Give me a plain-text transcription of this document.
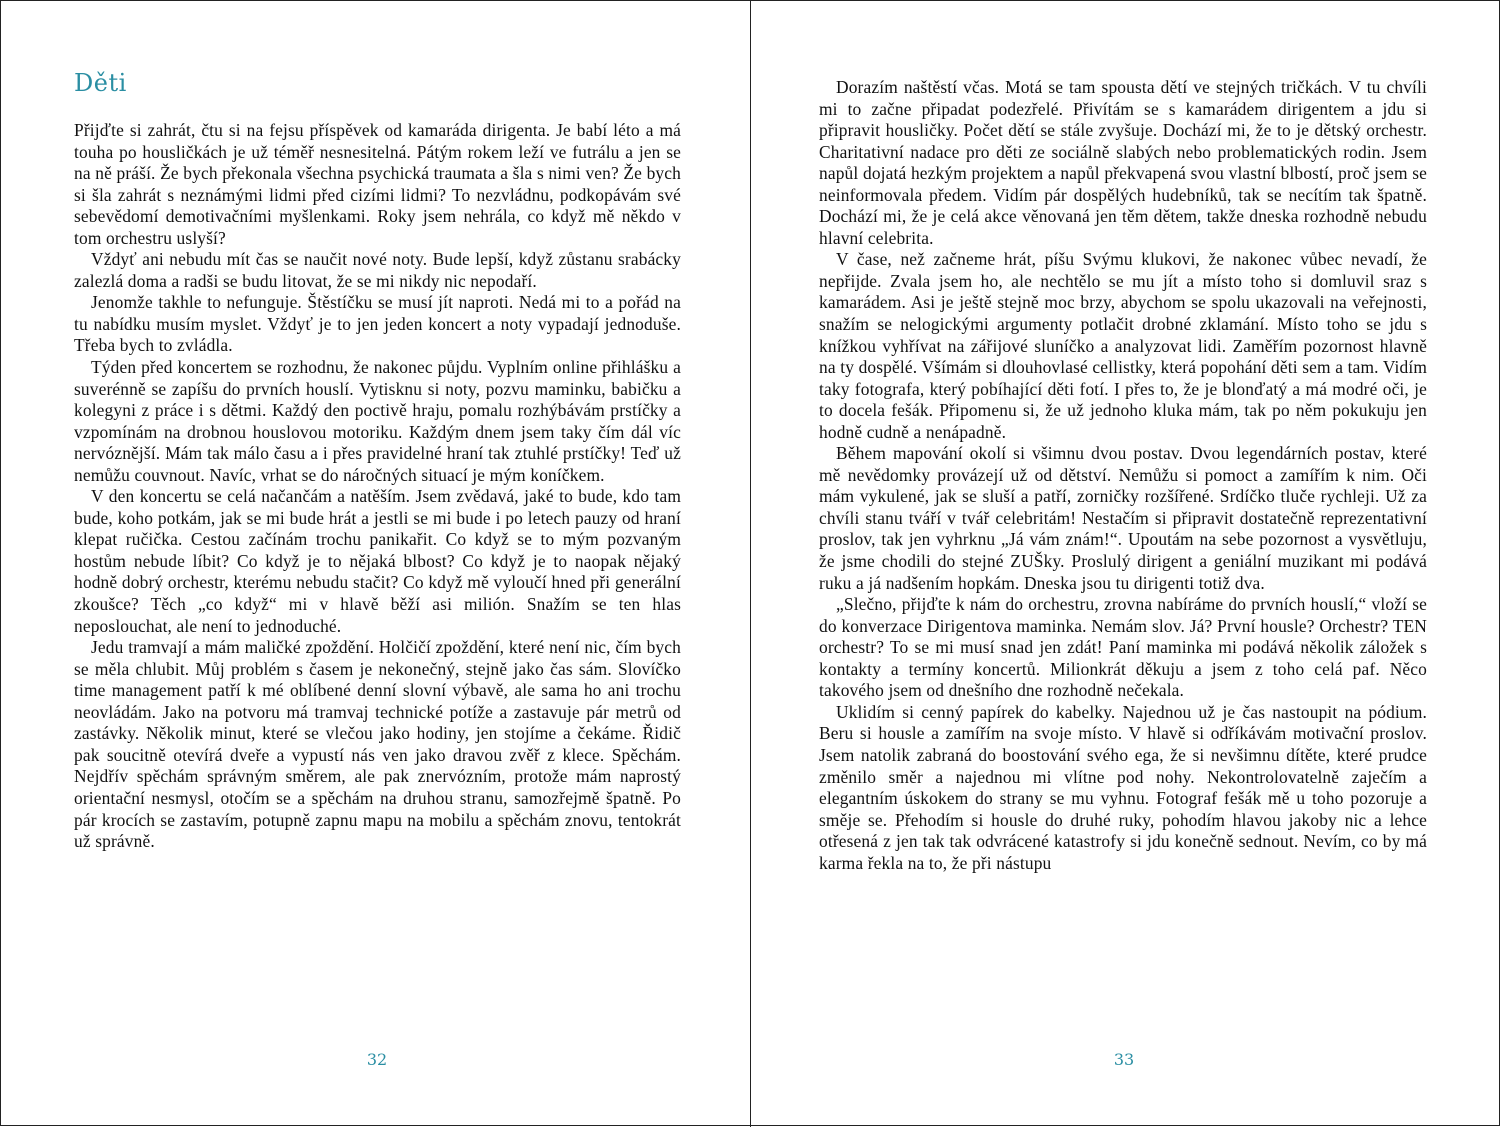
Děti

Přijďte si zahrát, čtu si na fejsu příspěvek od kamaráda dirigenta. Je babí léto a má touha po housličkách je už téměř nesnesitelná. Pátým rokem leží ve futrálu a jen se na ně práší. Že bych překonala všechna psychická traumata a šla s nimi ven? Že bych si šla zahrát s neznámými lidmi před cizími lidmi? To nezvládnu, podkopávám své sebevědomí demotivačními myšlenkami. Roky jsem nehrála, co když mě někdo v tom orchestru uslyší?

Vždyť ani nebudu mít čas se naučit nové noty. Bude lepší, když zůstanu srabácky zalezlá doma a radši se budu litovat, že se mi nikdy nic nepodaří.

Jenomže takhle to nefunguje. Štěstíčku se musí jít naproti. Nedá mi to a pořád na tu nabídku musím myslet. Vždyť je to jen jeden koncert a noty vypadají jednoduše. Třeba bych to zvládla.

Týden před koncertem se rozhodnu, že nakonec půjdu. Vyplním online přihlášku a suverénně se zapíšu do prvních houslí. Vytisknu si noty, pozvu maminku, babičku a kolegyni z práce i s dětmi. Každý den poctivě hraju, pomalu rozhýbávám prstíčky a vzpomínám na drobnou houslovou motoriku. Každým dnem jsem taky čím dál víc nervóznější. Mám tak málo času a i přes pravidelné hraní tak ztuhlé prstíčky! Teď už nemůžu couvnout. Navíc, vrhat se do náročných situací je mým koníčkem.

V den koncertu se celá načančám a natěším. Jsem zvědavá, jaké to bude, kdo tam bude, koho potkám, jak se mi bude hrát a jestli se mi bude i po letech pauzy od hraní klepat ručička. Cestou začínám trochu panikařit. Co když se to mým pozvaným hostům nebude líbit? Co když je to nějaká blbost? Co když je to naopak nějaký hodně dobrý orchestr, kterému nebudu stačit? Co když mě vyloučí hned při generální zkoušce? Těch „co když“ mi v hlavě běží asi milión. Snažím se ten hlas neposlouchat, ale není to jednoduché.

Jedu tramvají a mám maličké zpoždění. Holčičí zpoždění, které není nic, čím bych se měla chlubit. Můj problém s časem je nekonečný, stejně jako čas sám. Slovíčko time management patří k mé oblíbené denní slovní výbavě, ale sama ho ani trochu neovládám. Jako na potvoru má tramvaj technické potíže a zastavuje pár metrů od zastávky. Několik minut, které se vlečou jako hodiny, jen stojíme a čekáme. Řidič pak soucitně otevírá dveře a vypustí nás ven jako dravou zvěř z klece. Spěchám. Nejdřív spěchám správným směrem, ale pak znervózním, protože mám naprostý orientační nesmysl, otočím se a spěchám na druhou stranu, samozřejmě špatně. Po pár krocích se zastavím, potupně zapnu mapu na mobilu a spěchám znovu, tentokrát už správně.

32

Dorazím naštěstí včas. Motá se tam spousta dětí ve stejných tričkách. V tu chvíli mi to začne připadat podezřelé. Přivítám se s kamarádem dirigentem a jdu si připravit housličky. Počet dětí se stále zvyšuje. Dochází mi, že to je dětský orchestr. Charitativní nadace pro děti ze sociálně slabých nebo problematických rodin. Jsem napůl dojatá hezkým projektem a napůl překvapená svou vlastní blbostí, proč jsem se neinformovala předem. Vidím pár dospělých hudebníků, tak se necítím tak špatně. Dochází mi, že je celá akce věnovaná jen těm dětem, takže dneska rozhodně nebudu hlavní celebrita.

V čase, než začneme hrát, píšu Svýmu klukovi, že nakonec vůbec nevadí, že nepřijde. Zvala jsem ho, ale nechtělo se mu jít a místo toho si domluvil sraz s kamarádem. Asi je ještě stejně moc brzy, abychom se spolu ukazovali na veřejnosti, snažím se nelogickými argumenty potlačit drobné zklamání. Místo toho se jdu s knížkou vyhřívat na zářijové sluníčko a analyzovat lidi. Zaměřím pozornost hlavně na ty dospělé. Všímám si dlouhovlasé cellistky, která popohání děti sem a tam. Vidím taky fotografa, který pobíhající děti fotí. I přes to, že je blonďatý a má modré oči, je to docela fešák. Připomenu si, že už jednoho kluka mám, tak po něm pokukuju jen hodně cudně a nenápadně.

Během mapování okolí si všimnu dvou postav. Dvou legendárních postav, které mě nevědomky provázejí už od dětství. Nemůžu si pomoct a zamířím k nim. Oči mám vykulené, jak se sluší a patří, zorničky rozšířené. Srdíčko tluče rychleji. Už za chvíli stanu tváří v tvář celebritám! Nestačím si připravit dostatečně reprezentativní proslov, tak jen vyhrknu „Já vám znám!“. Upoutám na sebe pozornost a vysvětluju, že jsme chodili do stejné ZUŠky. Proslulý dirigent a geniální muzikant mi podává ruku a já nadšením hopkám. Dneska jsou tu dirigenti totiž dva.

„Slečno, přijďte k nám do orchestru, zrovna nabíráme do prvních houslí,“ vloží se do konverzace Dirigentova maminka. Nemám slov. Já? První housle? Orchestr? TEN orchestr? To se mi musí snad jen zdát! Paní maminka mi podává několik záložek s kontakty a termíny koncertů. Milionkrát děkuju a jsem z toho celá paf. Něco takového jsem od dnešního dne rozhodně nečekala.

Uklidím si cenný papírek do kabelky. Najednou už je čas nastoupit na pódium. Beru si housle a zamířím na svoje místo. V hlavě si odříkávám motivační proslov. Jsem natolik zabraná do boostování svého ega, že si nevšimnu dítěte, které prudce změnilo směr a najednou mi vlítne pod nohy. Nekontrolovatelně zaječím a elegantním úskokem do strany se mu vyhnu. Fotograf fešák mě u toho pozoruje a směje se. Přehodím si housle do druhé ruky, pohodím hlavou jakoby nic a lehce otřesená z jen tak tak odvrácené katastrofy si jdu konečně sednout. Nevím, co by má karma řekla na to, že při nástupu

33
